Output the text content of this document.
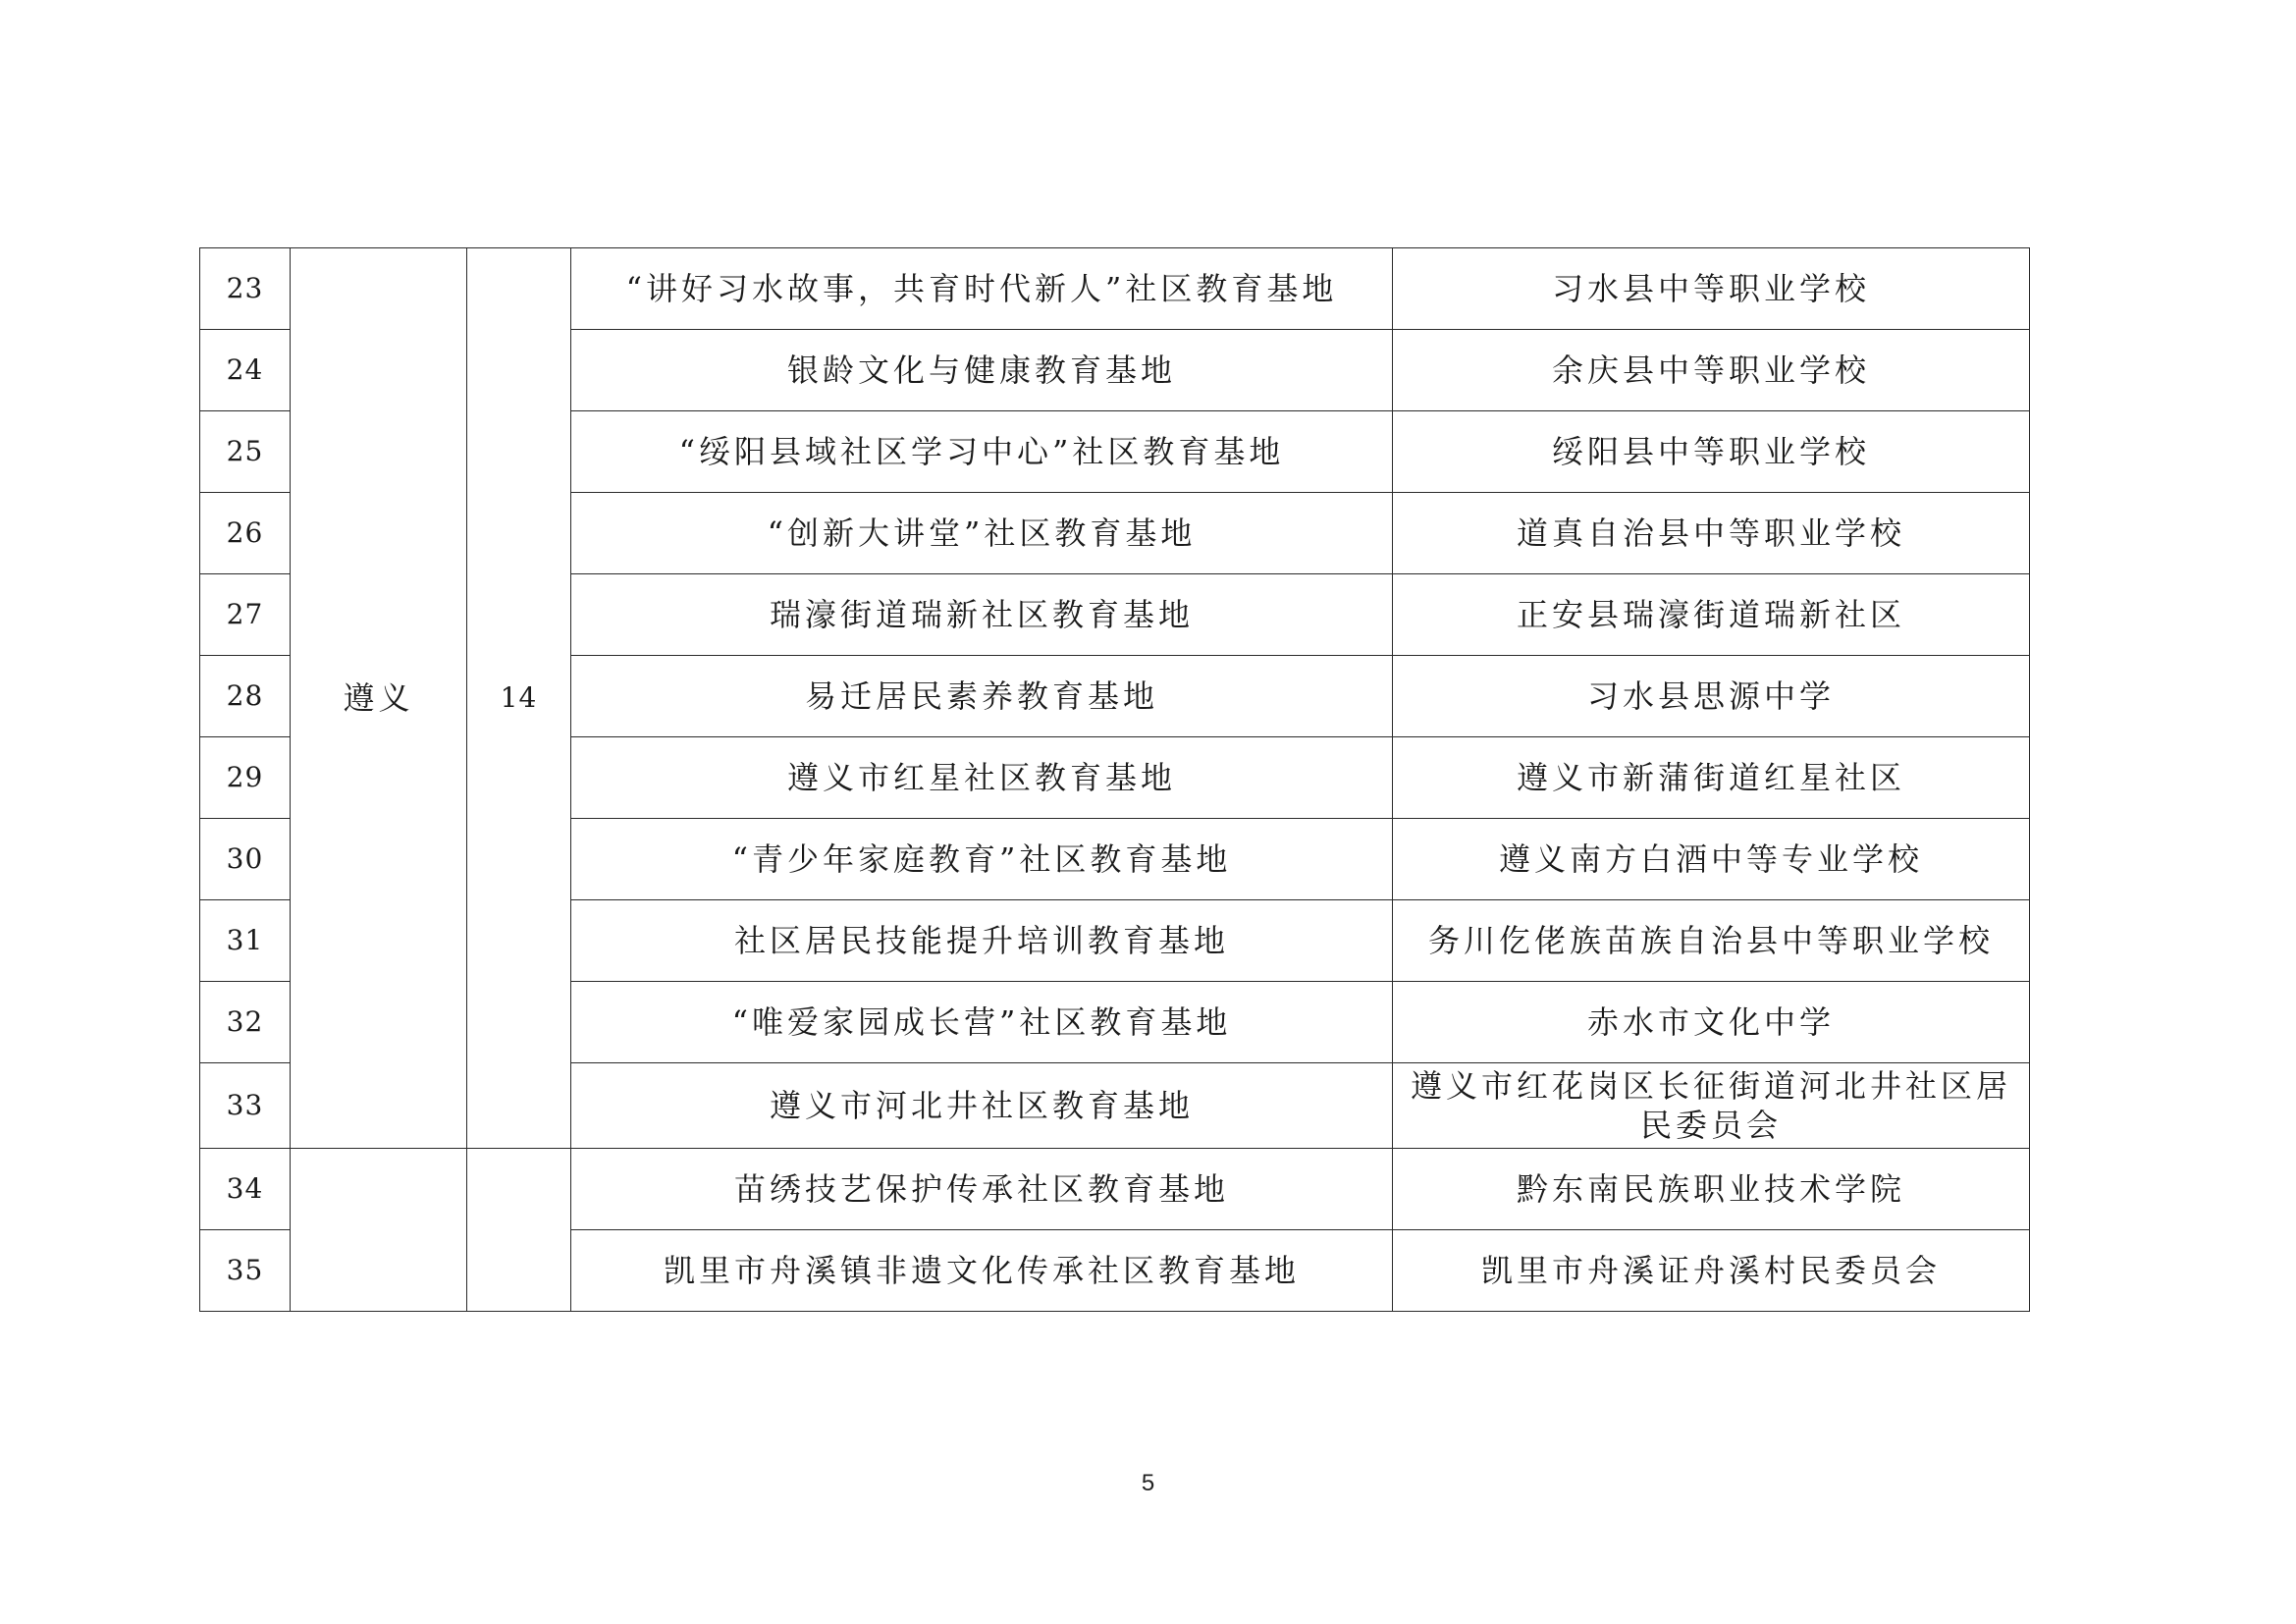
23	遵义	14	“讲好习水故事，共育时代新人”社区教育基地	习水县中等职业学校
24			银龄文化与健康教育基地	余庆县中等职业学校
25			“绥阳县域社区学习中心”社区教育基地	绥阳县中等职业学校
26			“创新大讲堂”社区教育基地	道真自治县中等职业学校
27			瑞濠街道瑞新社区教育基地	正安县瑞濠街道瑞新社区
28			易迁居民素养教育基地	习水县思源中学
29			遵义市红星社区教育基地	遵义市新蒲街道红星社区
30			“青少年家庭教育”社区教育基地	遵义南方白酒中等专业学校
31			社区居民技能提升培训教育基地	务川仡佬族苗族自治县中等职业学校
32			“唯爱家园成长营”社区教育基地	赤水市文化中学
33			遵义市河北井社区教育基地	遵义市红花岗区长征街道河北井社区居民委员会
34			苗绣技艺保护传承社区教育基地	黔东南民族职业技术学院
35			凯里市舟溪镇非遗文化传承社区教育基地	凯里市舟溪证舟溪村民委员会
5
